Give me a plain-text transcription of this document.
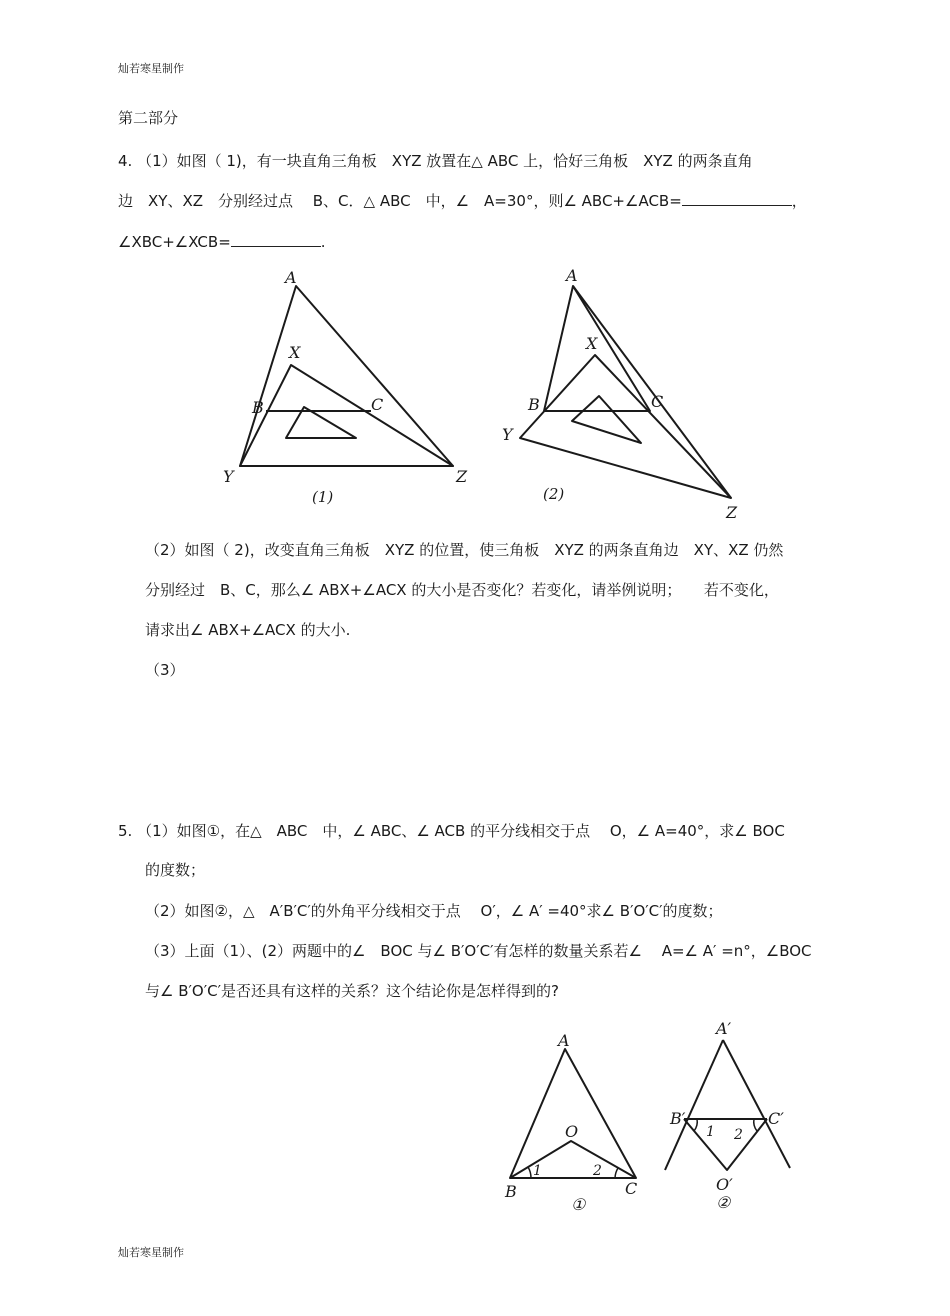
灿若寒星制作
灿若寒星制作
第二部分
4. （1）如图（ 1)，有一块直角三角板　XYZ 放置在△ ABC 上，恰好三角板　XYZ 的两条直角
边　XY、XZ　分别经过点　 B、C．△ ABC　中，∠　A=30°，则∠ ABC+∠ACB=	，
∠XBC+∠XCB=	.
（2）如图（ 2)，改变直角三角板　XYZ 的位置，使三角板　XYZ 的两条直角边　XY、XZ 仍然
分别经过　B、C，那么∠ ABX+∠ACX 的大小是否变化？若变化，请举例说明；　　若不变化，
请求出∠ ABX+∠ACX 的大小.
（3）
5. （1）如图①，在△　ABC　中，∠ ABC、∠ ACB 的平分线相交于点　 O，∠ A=40°，求∠ BOC
的度数；
（2）如图②，△　A′B′C′的外角平分线相交于点　 O′，∠ A′ =40°求∠ B′O′C′的度数；
（3）上面（1）、(2）两题中的∠　BOC 与∠ B′O′C′有怎样的数量关系若∠　 A=∠ A′ =n°，∠BOC
与∠ B′O′C′是否还具有这样的关系？这个结论你是怎样得到的?
A
X
B	C
Y	Z
(1)
A
X
B	C
Y
Z
(2)
A
O
B	C
1	2
①
A′
B′	C′
O′
1 2
②
